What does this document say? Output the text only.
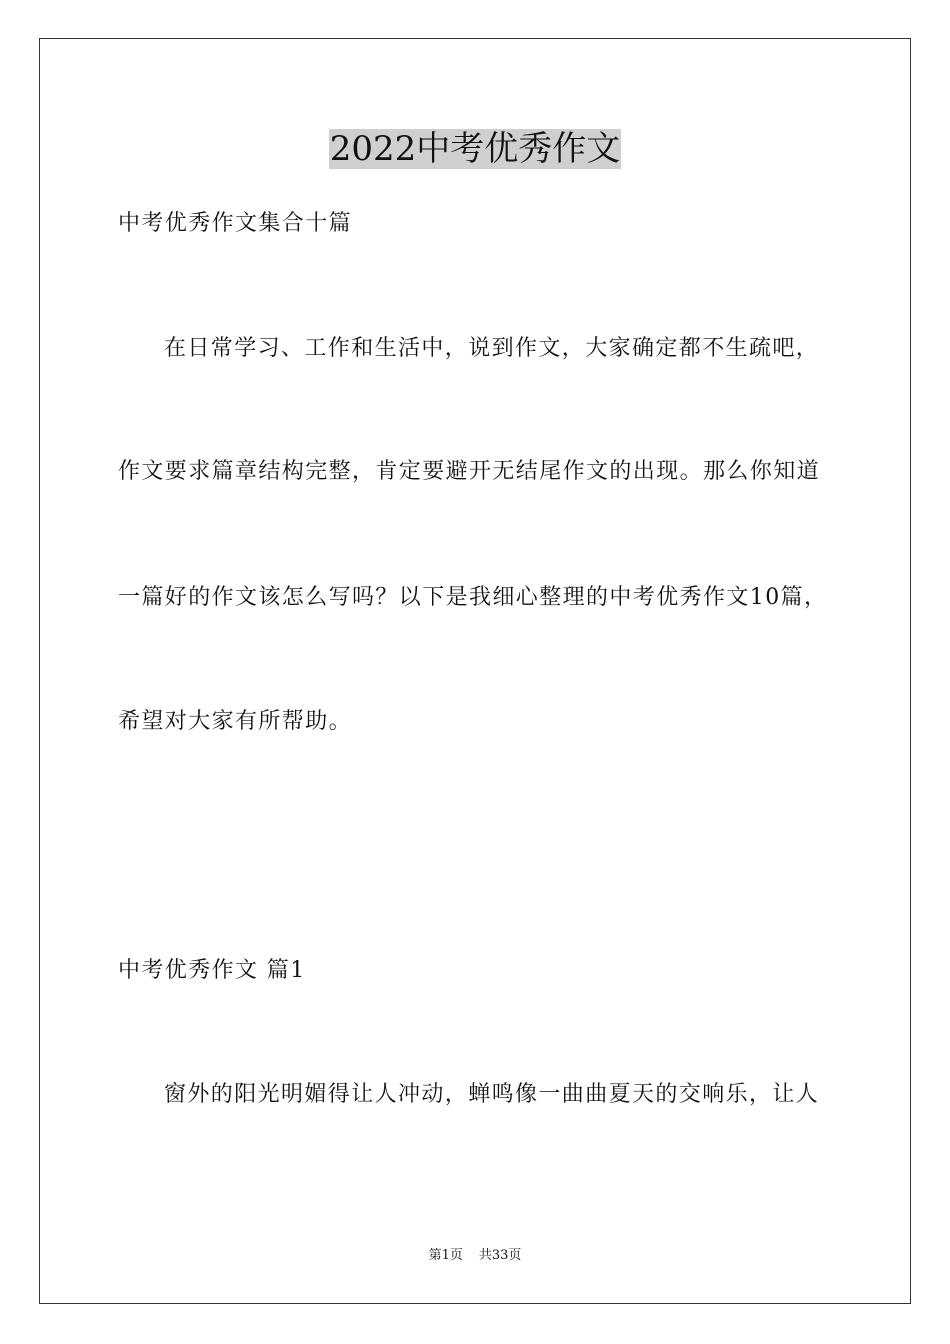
2022中考优秀作文
中考优秀作文集合十篇
在日常学习、工作和生活中，说到作文，大家确定都不生疏吧，
作文要求篇章结构完整，肯定要避开无结尾作文的出现。那么你知道
一篇好的作文该怎么写吗？以下是我细心整理的中考优秀作文10篇，
希望对大家有所帮助。
中考优秀作文 篇1
窗外的阳光明媚得让人冲动，蝉鸣像一曲曲夏天的交响乐，让人
第1页 共33页
